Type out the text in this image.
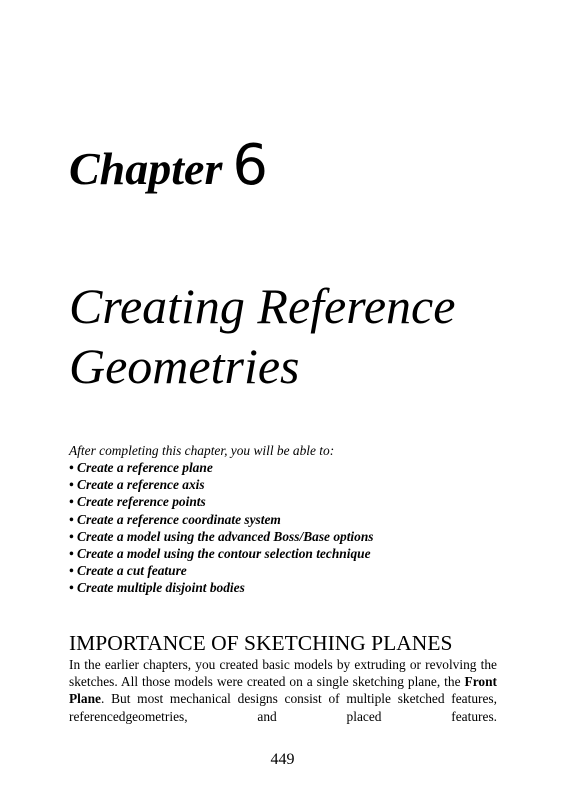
Chapter 6
Creating Reference
Geometries

After completing this chapter, you will be able to:

• Create a reference plane
• Create a reference axis
• Create reference points
• Create a reference coordinate system
• Create a model using the advanced Boss/Base options
• Create a model using the contour selection technique
• Create a cut feature
• Create multiple disjoint bodies
IMPORTANCE OF SKETCHING PLANES

In the earlier chapters, you created basic models by extruding or revolving the sketches. All those models were created on a single sketching plane, the Front Plane. But most mechanical designs consist of multiple sketched features, referencedgeometries, and placed features.

449
